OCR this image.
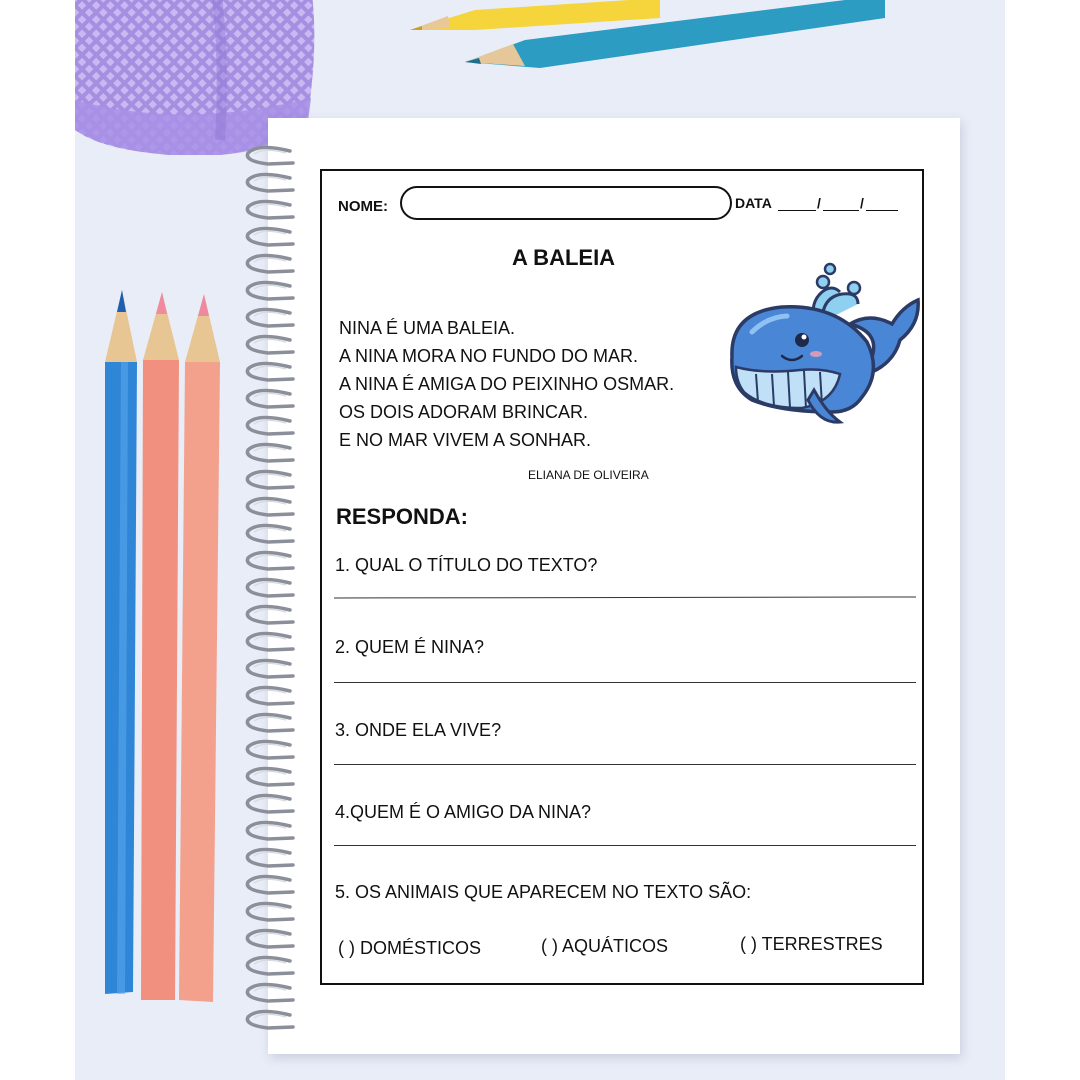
NOME:	DATA	/	/
A BALEIA
NINA É UMA BALEIA.
A NINA MORA NO FUNDO DO MAR.
A NINA É AMIGA DO PEIXINHO OSMAR.
OS DOIS ADORAM BRINCAR.
E NO MAR VIVEM A SONHAR.
ELIANA DE OLIVEIRA
RESPONDA:
1. QUAL O TÍTULO DO TEXTO?
2. QUEM É NINA?
3. ONDE ELA VIVE?
4.QUEM É O AMIGO DA NINA?
5. OS ANIMAIS QUE APARECEM NO TEXTO SÃO:
( ) DOMÉSTICOS	( ) AQUÁTICOS	( ) TERRESTRES
